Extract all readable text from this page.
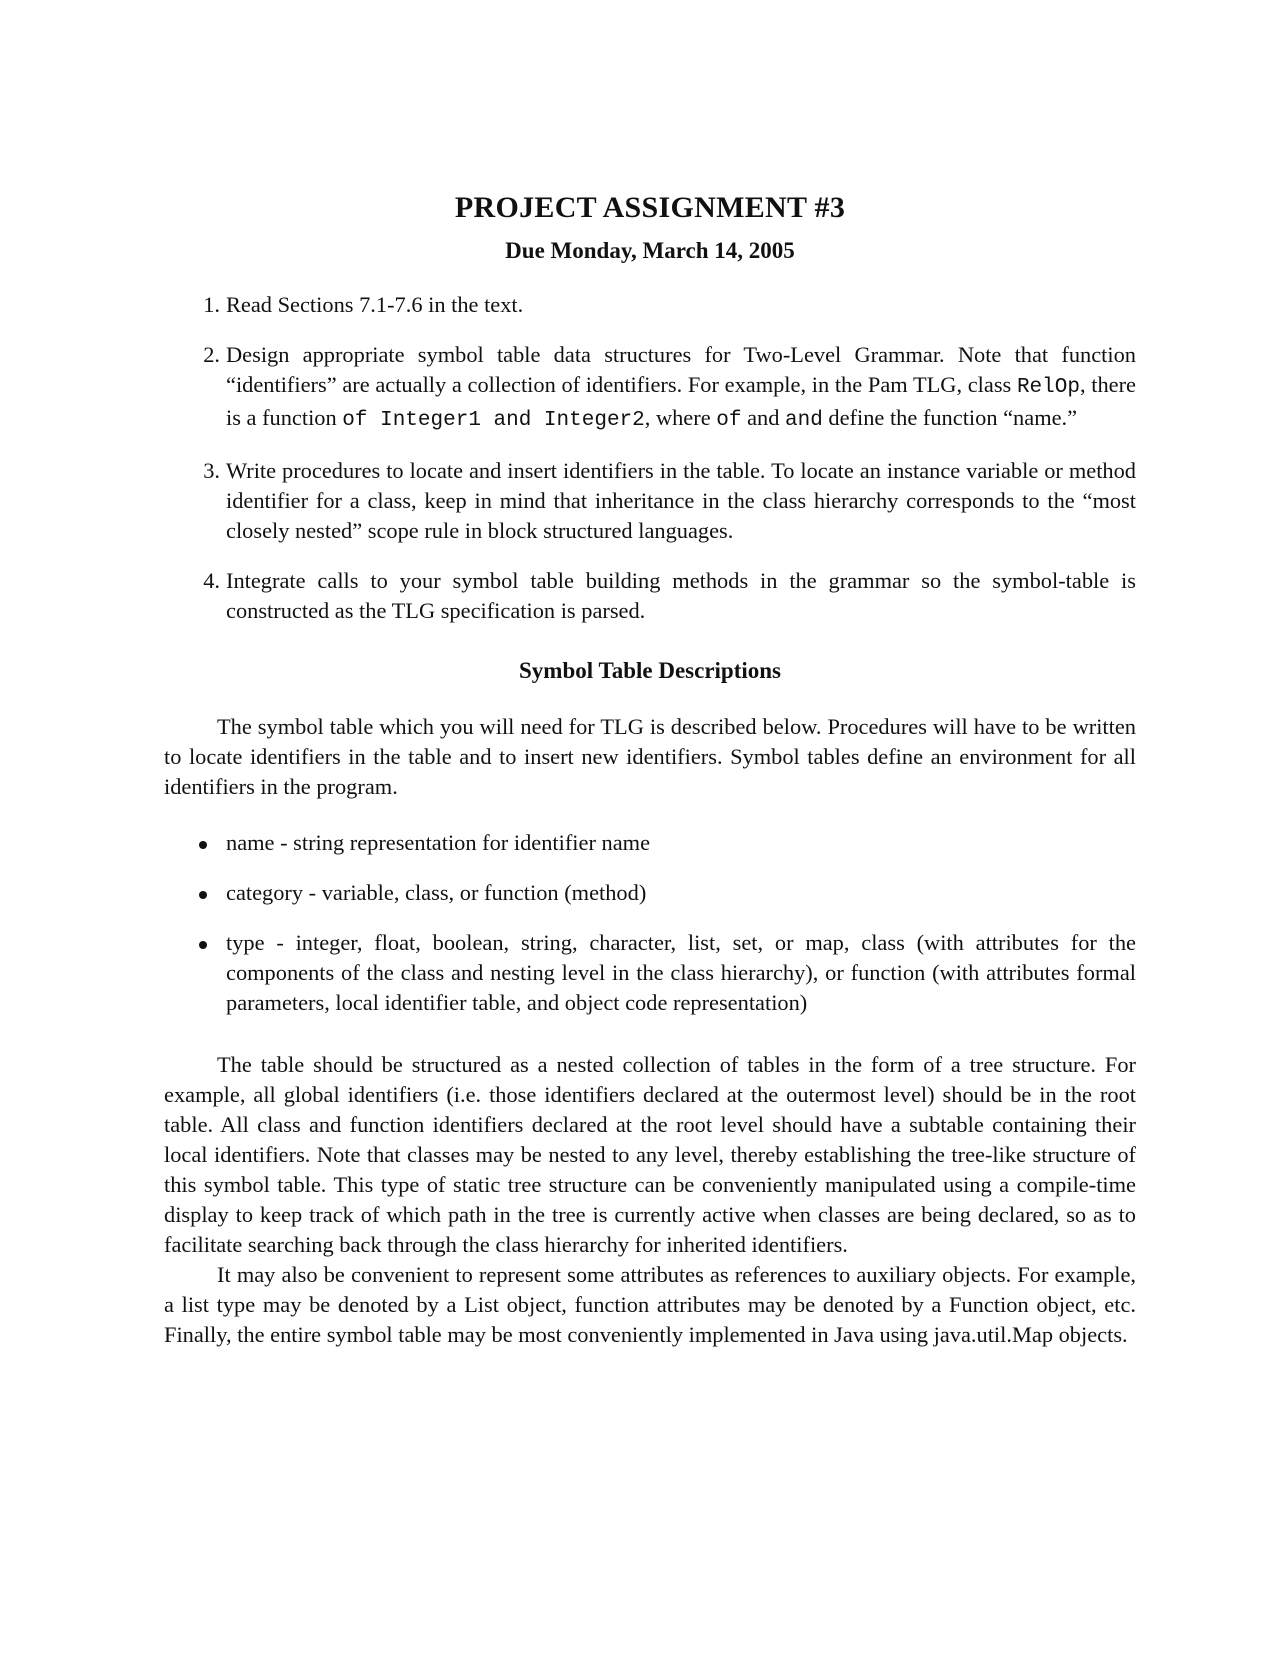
PROJECT ASSIGNMENT #3
Due Monday, March 14, 2005
1. Read Sections 7.1-7.6 in the text.
2. Design appropriate symbol table data structures for Two-Level Grammar. Note that function “identifiers” are actually a collection of identifiers. For example, in the Pam TLG, class RelOp, there is a function of Integer1 and Integer2, where of and and define the function “name.”
3. Write procedures to locate and insert identifiers in the table. To locate an instance variable or method identifier for a class, keep in mind that inheritance in the class hierarchy corresponds to the “most closely nested” scope rule in block structured languages.
4. Integrate calls to your symbol table building methods in the grammar so the symbol-table is constructed as the TLG specification is parsed.
Symbol Table Descriptions

The symbol table which you will need for TLG is described below. Procedures will have to be written to locate identifiers in the table and to insert new identifiers. Symbol tables define an environment for all identifiers in the program.

name - string representation for identifier name
category - variable, class, or function (method)
type - integer, float, boolean, string, character, list, set, or map, class (with attributes for the components of the class and nesting level in the class hierarchy), or function (with attributes formal parameters, local identifier table, and object code representation)

The table should be structured as a nested collection of tables in the form of a tree structure. For example, all global identifiers (i.e. those identifiers declared at the outermost level) should be in the root table. All class and function identifiers declared at the root level should have a subtable containing their local identifiers. Note that classes may be nested to any level, thereby establishing the tree-like structure of this symbol table. This type of static tree structure can be conveniently manipulated using a compile-time display to keep track of which path in the tree is currently active when classes are being declared, so as to facilitate searching back through the class hierarchy for inherited identifiers.

It may also be convenient to represent some attributes as references to auxiliary objects. For example, a list type may be denoted by a List object, function attributes may be denoted by a Function object, etc. Finally, the entire symbol table may be most conveniently implemented in Java using java.util.Map objects.
